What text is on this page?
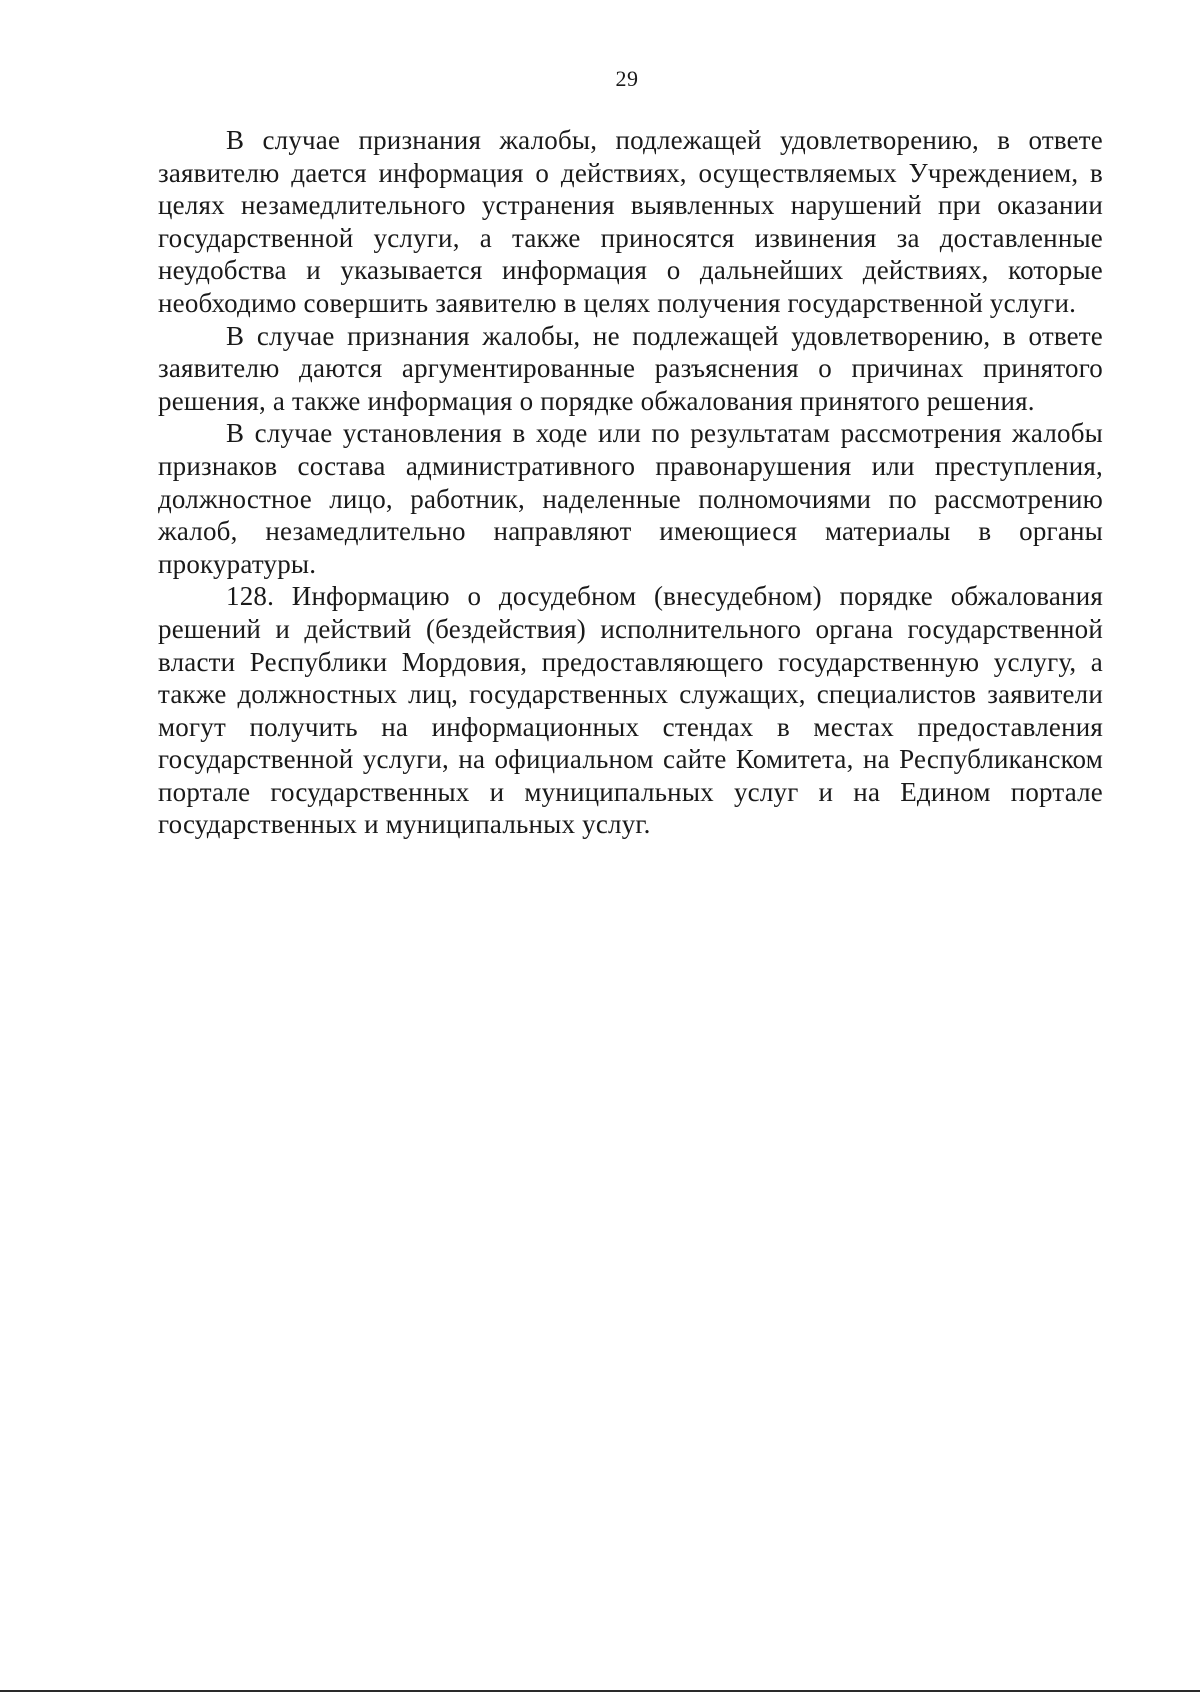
29

В случае признания жалобы, подлежащей удовлетворению, в ответе заявителю дается информация о действиях, осуществляемых Учреждением, в целях незамедлительного устранения выявленных нарушений при оказании государственной услуги, а также приносятся извинения за доставленные неудобства и указывается информация о дальнейших действиях, которые необходимо совершить заявителю в целях получения государственной услуги.

В случае признания жалобы, не подлежащей удовлетворению, в ответе заявителю даются аргументированные разъяснения о причинах принятого решения, а также информация о порядке обжалования принятого решения.

В случае установления в ходе или по результатам рассмотрения жалобы признаков состава административного правонарушения или преступления, должностное лицо, работник, наделенные полномочиями по рассмотрению жалоб, незамедлительно направляют имеющиеся материалы в органы прокуратуры.

128. Информацию о досудебном (внесудебном) порядке обжалования решений и действий (бездействия) исполнительного органа государственной власти Республики Мордовия, предоставляющего государственную услугу, а также должностных лиц, государственных служащих, специалистов заявители могут получить на информационных стендах в местах предоставления государственной услуги, на официальном сайте Комитета, на Республиканском портале государственных и муниципальных услуг и на Едином портале государственных и муниципальных услуг.
